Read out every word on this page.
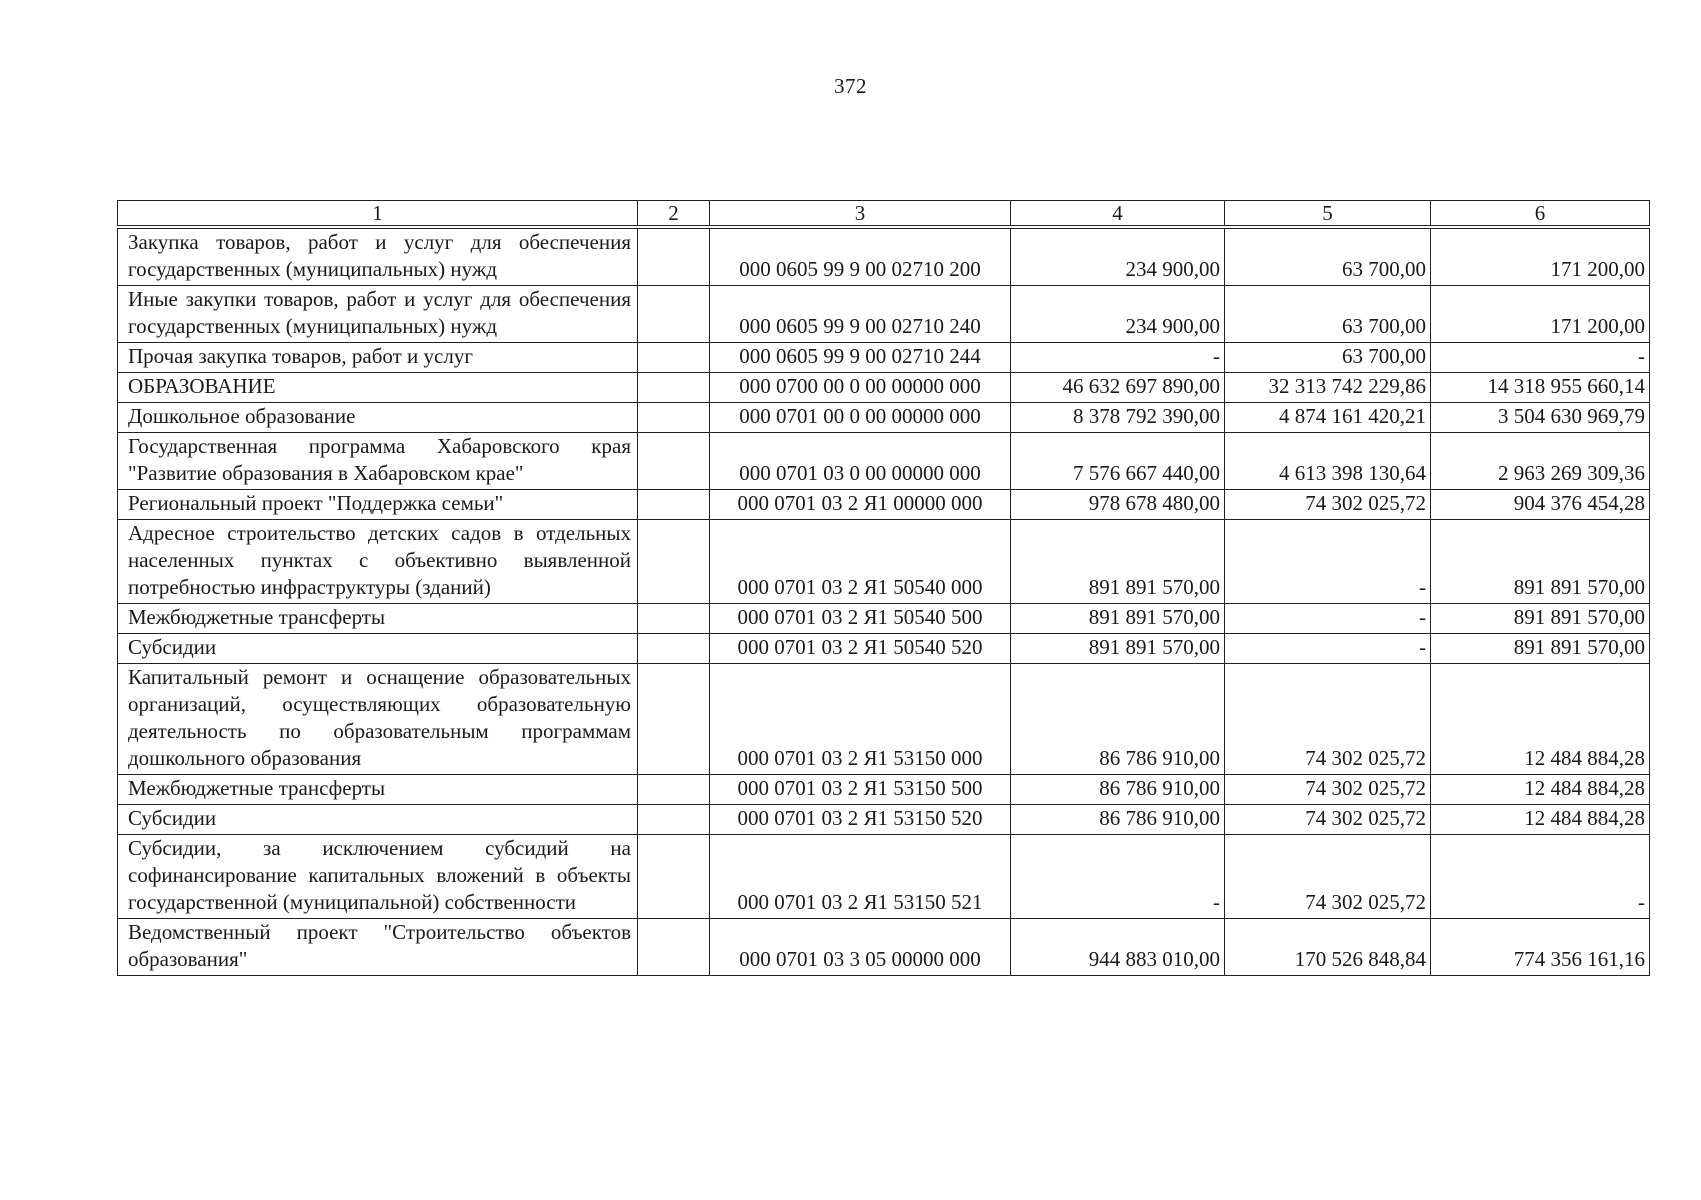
372
1	2	3	4	5	6
Закупка товаров, работ и услуг для обеспечения государственных (муниципальных) нужд		000 0605 99 9 00 02710 200	234 900,00	63 700,00	171 200,00
Иные закупки товаров, работ и услуг для обеспечения государственных (муниципальных) нужд		000 0605 99 9 00 02710 240	234 900,00	63 700,00	171 200,00
Прочая закупка товаров, работ и услуг		000 0605 99 9 00 02710 244	-	63 700,00	-
ОБРАЗОВАНИЕ		000 0700 00 0 00 00000 000	46 632 697 890,00	32 313 742 229,86	14 318 955 660,14
Дошкольное образование		000 0701 00 0 00 00000 000	8 378 792 390,00	4 874 161 420,21	3 504 630 969,79
Государственная программа Хабаровского края "Развитие образования в Хабаровском крае"		000 0701 03 0 00 00000 000	7 576 667 440,00	4 613 398 130,64	2 963 269 309,36
Региональный проект "Поддержка семьи"		000 0701 03 2 Я1 00000 000	978 678 480,00	74 302 025,72	904 376 454,28
Адресное строительство детских садов в отдельных населенных пунктах с объективно выявленной потребностью инфраструктуры (зданий)		000 0701 03 2 Я1 50540 000	891 891 570,00	-	891 891 570,00
Межбюджетные трансферты		000 0701 03 2 Я1 50540 500	891 891 570,00	-	891 891 570,00
Субсидии		000 0701 03 2 Я1 50540 520	891 891 570,00	-	891 891 570,00
Капитальный ремонт и оснащение образовательных организаций, осуществляющих образовательную деятельность по образовательным программам дошкольного образования		000 0701 03 2 Я1 53150 000	86 786 910,00	74 302 025,72	12 484 884,28
Межбюджетные трансферты		000 0701 03 2 Я1 53150 500	86 786 910,00	74 302 025,72	12 484 884,28
Субсидии		000 0701 03 2 Я1 53150 520	86 786 910,00	74 302 025,72	12 484 884,28
Субсидии, за исключением субсидий на софинансирование капитальных вложений в объекты государственной (муниципальной) собственности		000 0701 03 2 Я1 53150 521	-	74 302 025,72	-
Ведомственный проект "Строительство объектов образования"		000 0701 03 3 05 00000 000	944 883 010,00	170 526 848,84	774 356 161,16
